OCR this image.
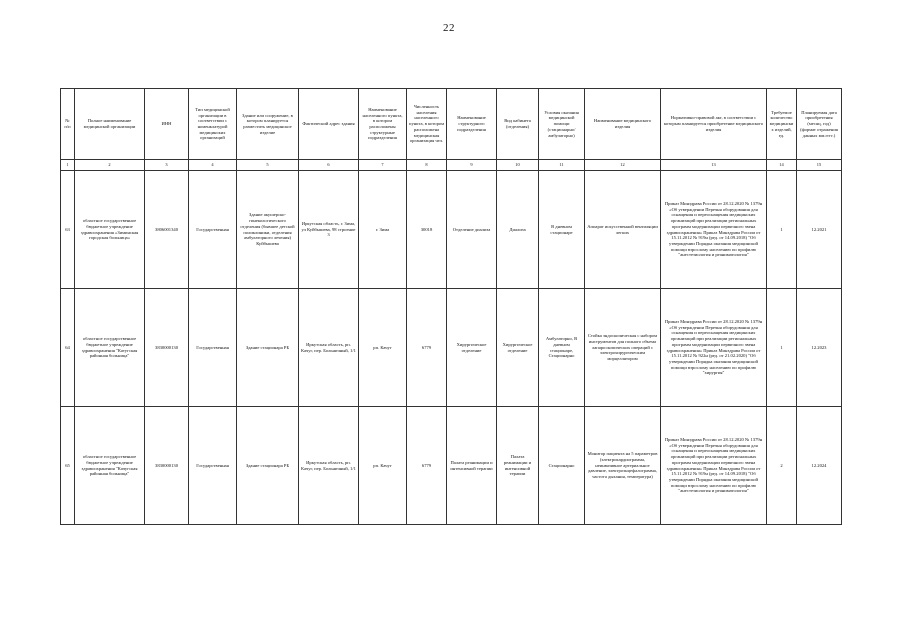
22
№ п/п	Полное наименование медицинской организации	ИНН	Тип медицинской организации в соответствии с номенклатурой медицинских организаций	Здание или сооружение, в котором планируется разместить медицинское изделие	Фактический адрес здания	Наименование населенного пункта, в котором расположены структурные подразделения	Численность населения населенного пункта, в котором расположена медицинская организация чел.	Наименование структурного подразделения	Вид кабинета (отделения)	Условия оказания медицинской помощи (стационарно/амбулаторно)	Наименование медицинского изделия	Нормативно-правовой акт, в соответствии с которым планируется приобретение медицинского изделия	Требуемое количество медицинских изделий, ед.	Планируемая дата приобретения (месяц, год) (формат отражения данных мм.гггг.)
1	2	3	4	5	6	7	8	9	10	11	12	13	14	15
63	областное государственное бюджетное учреждение здравоохранения «Зиминская городская больница»	3806001340	Государственная	Здание акушерско-гинекологического отделения (бывшее детской поликлиники, отделения амбулаторного лечения) Куйбышева	Иркутская область, г. Зима, ул Куйбышева, 98 строение 3	г. Зима	30018	Отделение диализа	Диализа	В дневном стационаре	Аппарат искусственной вентиляции легких	Приказ Минздрава России от 28.12.2020 № 1379н «Об утверждении Перечня оборудования для оснащения и переоснащения медицинских организаций при реализации региональных программ модернизации первичного звена здравоохранения» Приказ Минздрава России от 15.11.2012 № 919н (ред. от 14.09.2018) "Об утверждении Порядка оказания медицинской помощи взрослому населению по профилю "анестезиология и реаниматология"	1	12.2021
64	областное государственное бюджетное учреждение здравоохранения "Катугская районная больница"	3830000130	Государственная	Здание стационара РБ	Иркутская область, рп. Качуг, пер. Больничный, 1/1	рп. Качуг	6779	Хирургическое отделение	Хирургическое отделение	Амбулаторно, В дневном стационаре, Стационарно	Стойка эндоскопическая с набором инструментов для полного объема лапароскопических операций с электрохирургическим морцеллятором	Приказ Минздрава России от 28.12.2020 № 1379н «Об утверждении Перечня оборудования для оснащения и переоснащения медицинских организаций при реализации региональных программ модернизации первичного звена здравоохранения» Приказ Минздрава России от 15.11.2012 № 922н (ред. от 21.02.2020) "Об утверждении Порядка оказания медицинской помощи взрослому населению по профилю "хирургия"	1	12.2023
65	областное государственное бюджетное учреждение здравоохранения "Качугская районная больница"	3830000130	Государственная	Здание стационара РБ	Иркутская область, рп. Качуг, пер. Больничный, 1/1	рп. Качуг	6779	Палата реанимации и интенсивной терапии	Палата реанимации и интенсивной терапии	Стационарно	Монитор пациента на 5 параметров (электрокардиограмма, неинвазивное артериальное давление, электроэнцефалограмма, частота дыхания, температура)	Приказ Минздрава России от 28.12.2020 № 1379н «Об утверждении Перечня оборудования для оснащения и переоснащения медицинских организаций при реализации региональных программ модернизации первичного звена здравоохранения» Приказ Минздрава России от 15.11.2012 № 919н (ред. от 14.09.2018) "Об утверждении Порядка оказания медицинской помощи взрослому населению по профилю "анестезиология и реаниматология"	2	12.2024
